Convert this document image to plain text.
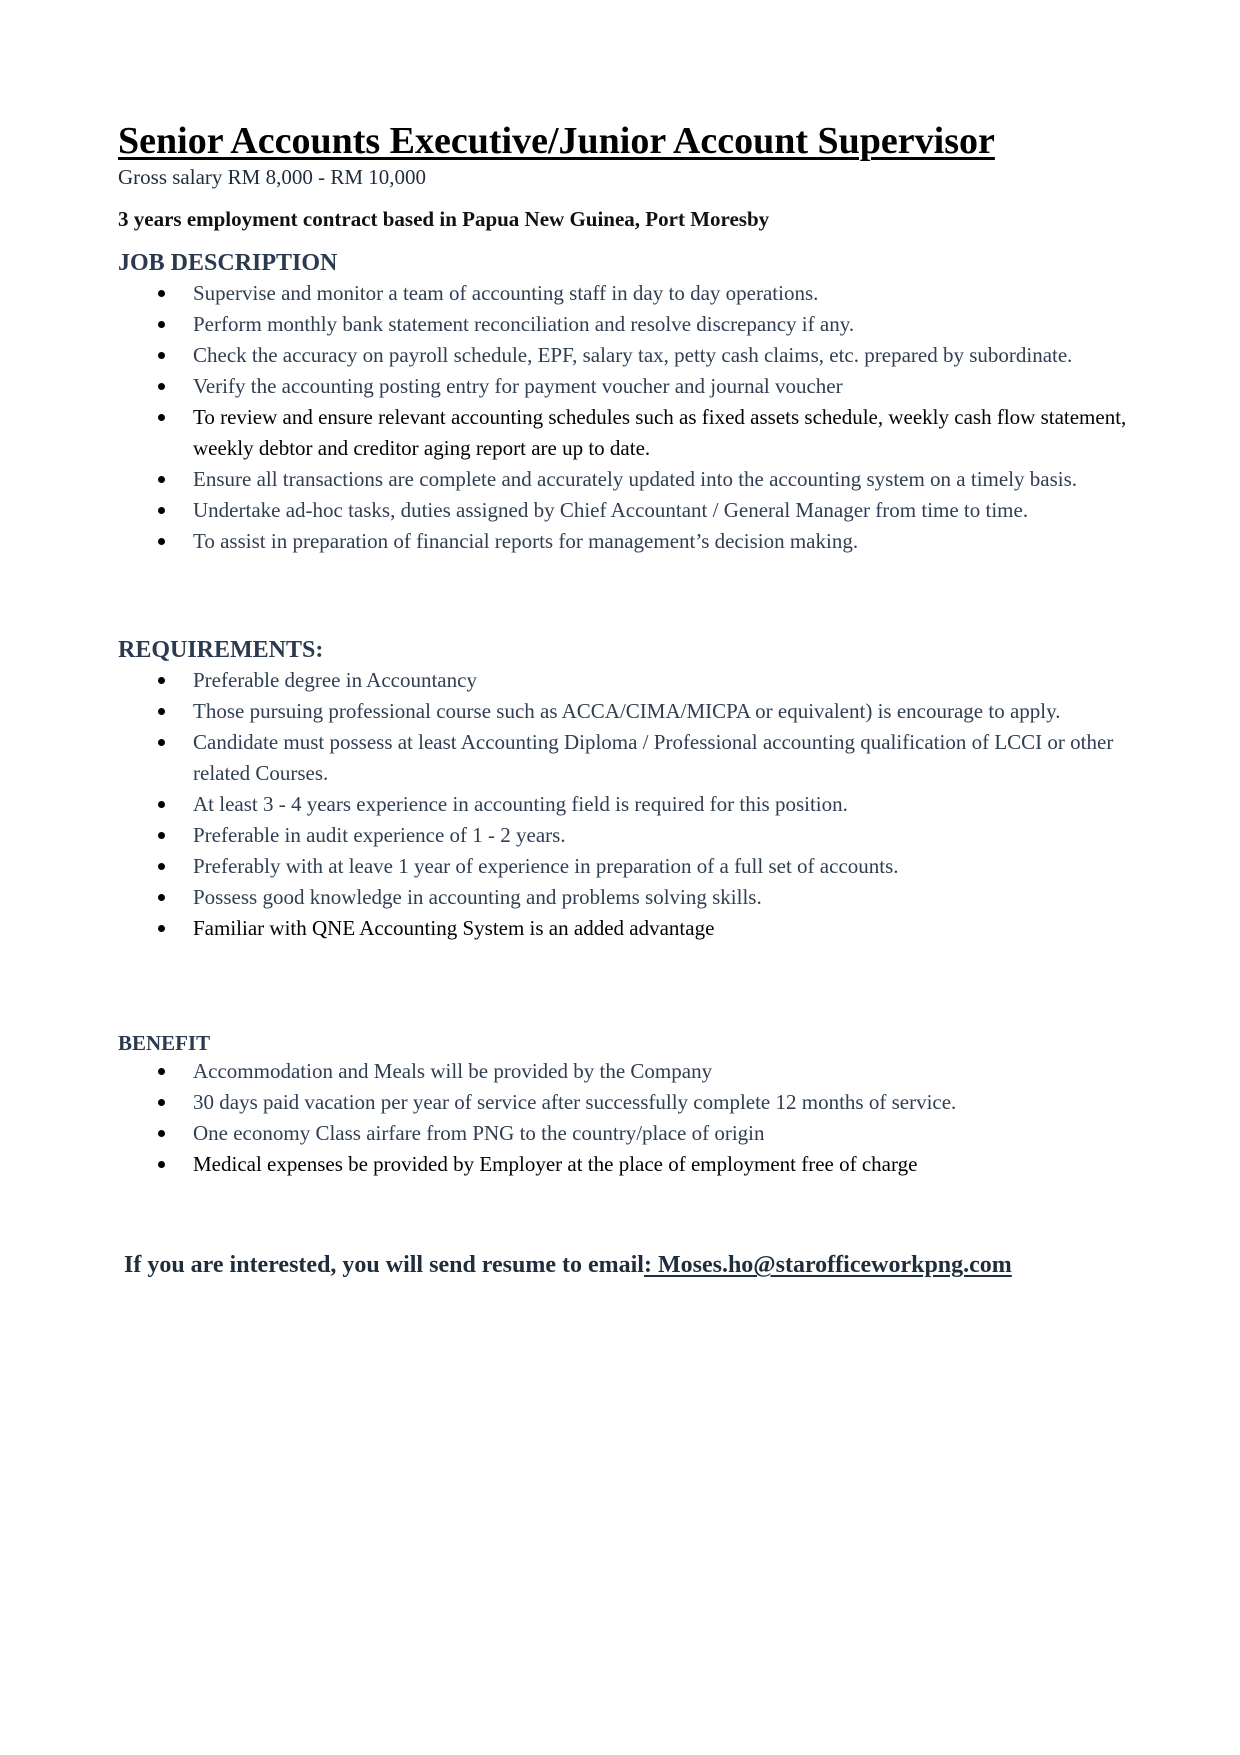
Senior Accounts Executive/Junior Account Supervisor

Gross salary RM 8,000 - RM 10,000

3 years employment contract based in Papua New Guinea, Port Moresby

JOB DESCRIPTION
Supervise and monitor a team of accounting staff in day to day operations.
Perform monthly bank statement reconciliation and resolve discrepancy if any.
Check the accuracy on payroll schedule, EPF, salary tax, petty cash claims, etc. prepared by subordinate.
Verify the accounting posting entry for payment voucher and journal voucher
To review and ensure relevant accounting schedules such as fixed assets schedule, weekly cash flow statement, weekly debtor and creditor aging report are up to date.
Ensure all transactions are complete and accurately updated into the accounting system on a timely basis.
Undertake ad-hoc tasks, duties assigned by Chief Accountant / General Manager from time to time.
To assist in preparation of financial reports for management’s decision making.
REQUIREMENTS:
Preferable degree in Accountancy
Those pursuing professional course such as ACCA/CIMA/MICPA or equivalent) is encourage to apply.
Candidate must possess at least Accounting Diploma / Professional accounting qualification of LCCI or other related Courses.
At least 3 - 4 years experience in accounting field is required for this position.
Preferable in audit experience of 1 - 2 years.
Preferably with at leave 1 year of experience in preparation of a full set of accounts.
Possess good knowledge in accounting and problems solving skills.
Familiar with QNE Accounting System is an added advantage
BENEFIT
Accommodation and Meals will be provided by the Company
30 days paid vacation per year of service after successfully complete 12 months of service.
One economy Class airfare from PNG to the country/place of origin
Medical expenses be provided by Employer at the place of employment free of charge

If you are interested, you will send resume to email: Moses.ho@starofficeworkpng.com
